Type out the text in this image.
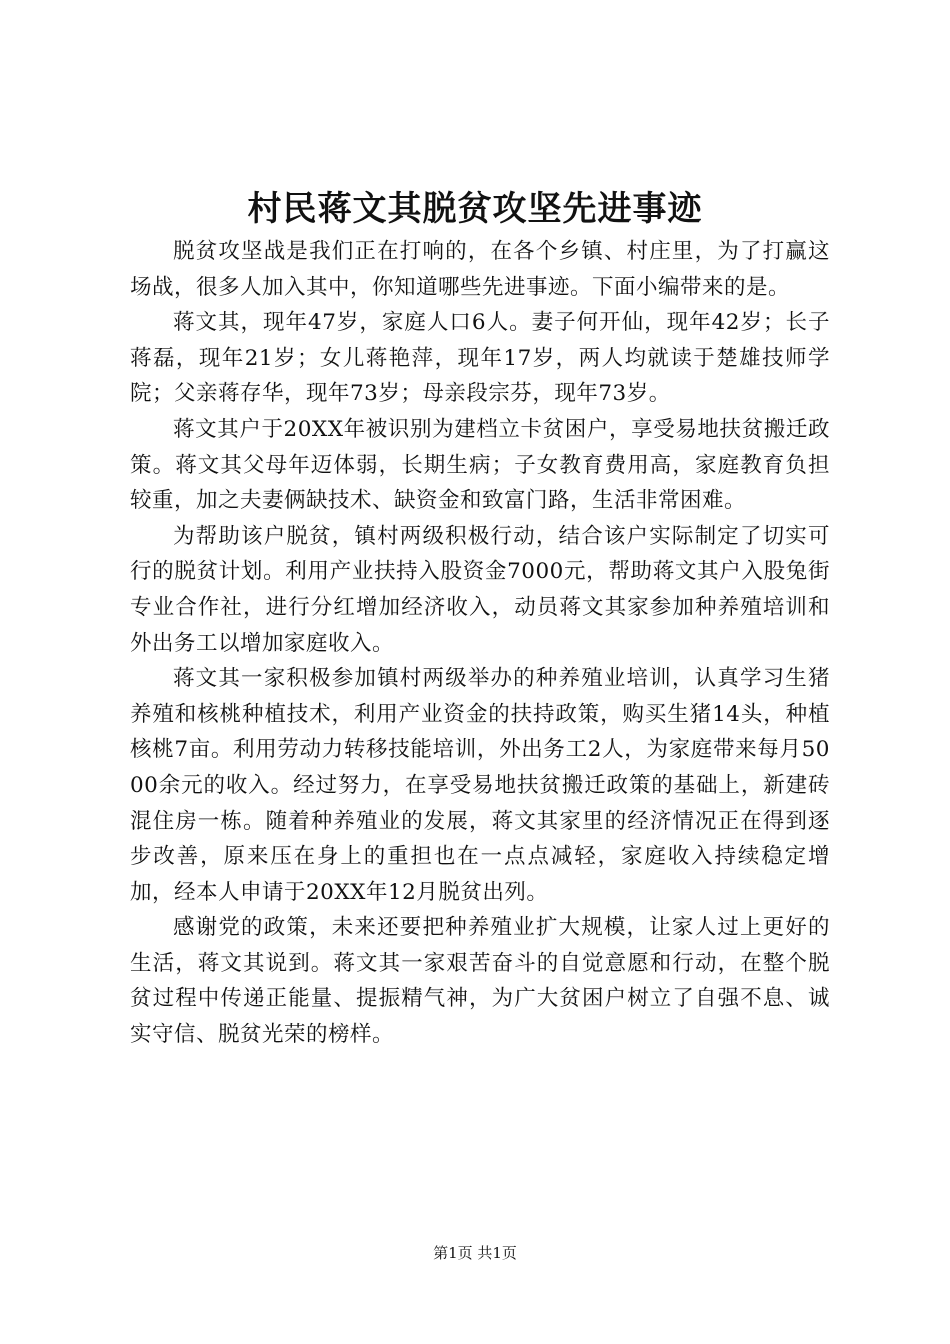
村民蒋文其脱贫攻坚先进事迹

脱贫攻坚战是我们正在打响的，在各个乡镇、村庄里，为了打赢这场战，很多人加入其中，你知道哪些先进事迹。下面小编带来的是。

蒋文其，现年47岁，家庭人口6人。妻子何开仙，现年42岁；长子蒋磊，现年21岁；女儿蒋艳萍，现年17岁，两人均就读于楚雄技师学院；父亲蒋存华，现年73岁；母亲段宗芬，现年73岁。

蒋文其户于20XX年被识别为建档立卡贫困户，享受易地扶贫搬迁政策。蒋文其父母年迈体弱，长期生病；子女教育费用高，家庭教育负担较重，加之夫妻俩缺技术、缺资金和致富门路，生活非常困难。

为帮助该户脱贫，镇村两级积极行动，结合该户实际制定了切实可行的脱贫计划。利用产业扶持入股资金7000元，帮助蒋文其户入股兔街专业合作社，进行分红增加经济收入，动员蒋文其家参加种养殖培训和外出务工以增加家庭收入。

蒋文其一家积极参加镇村两级举办的种养殖业培训，认真学习生猪养殖和核桃种植技术，利用产业资金的扶持政策，购买生猪14头，种植核桃7亩。利用劳动力转移技能培训，外出务工2人，为家庭带来每月5000余元的收入。经过努力，在享受易地扶贫搬迁政策的基础上，新建砖混住房一栋。随着种养殖业的发展，蒋文其家里的经济情况正在得到逐步改善，原来压在身上的重担也在一点点减轻，家庭收入持续稳定增加，经本人申请于20XX年12月脱贫出列。

感谢党的政策，未来还要把种养殖业扩大规模，让家人过上更好的生活，蒋文其说到。蒋文其一家艰苦奋斗的自觉意愿和行动，在整个脱贫过程中传递正能量、提振精气神，为广大贫困户树立了自强不息、诚实守信、脱贫光荣的榜样。

第1页 共1页
